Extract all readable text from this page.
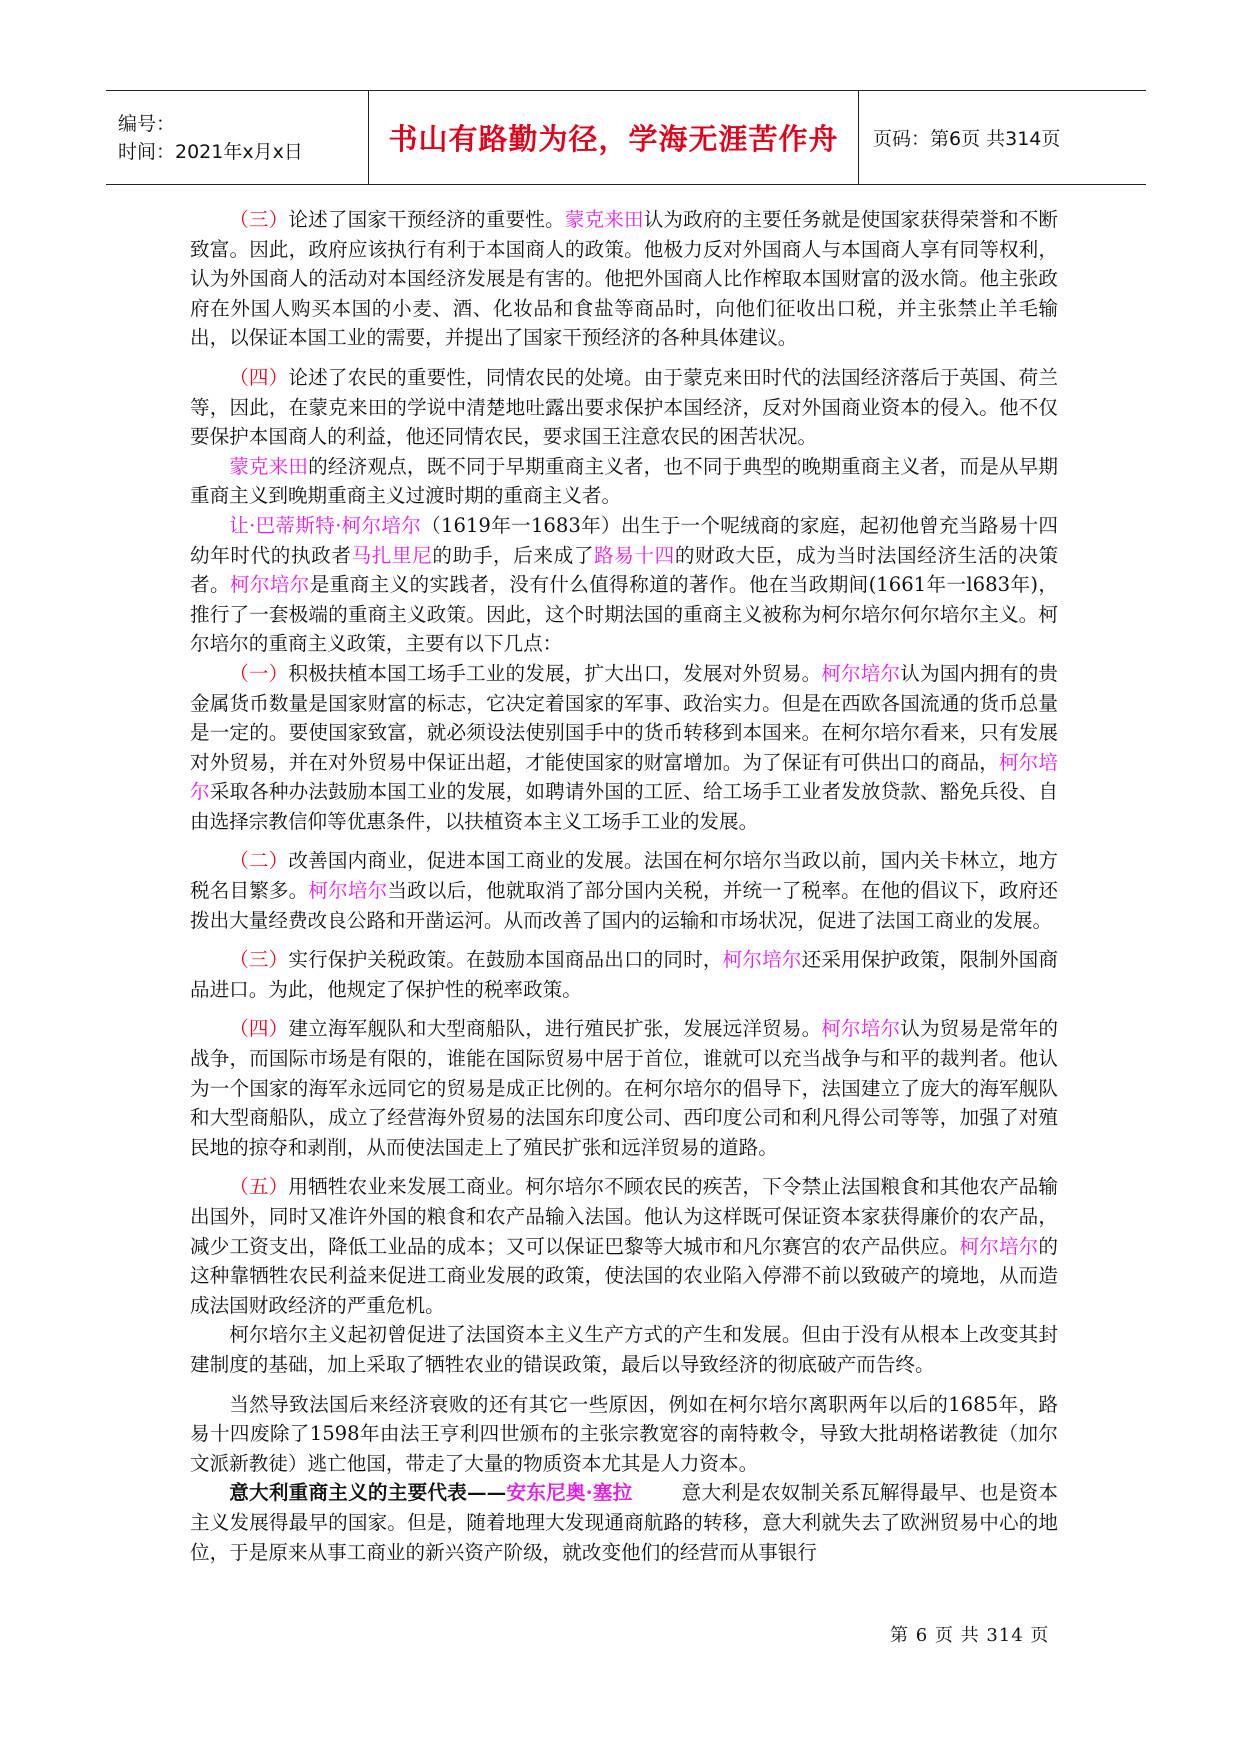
编号：
时间：2021年x月x日	书山有路勤为径，学海无涯苦作舟 页码：第6页 共314页

（三）论述了国家干预经济的重要性。蒙克来田认为政府的主要任务就是使国家获得荣誉和不断致富。因此，政府应该执行有利于本国商人的政策。他极力反对外国商人与本国商人享有同等权利，认为外国商人的活动对本国经济发展是有害的。他把外国商人比作榨取本国财富的汲水筒。他主张政府在外国人购买本国的小麦、酒、化妆品和食盐等商品时，向他们征收出口税，并主张禁止羊毛输出，以保证本国工业的需要，并提出了国家干预经济的各种具体建议。

（四）论述了农民的重要性，同情农民的处境。由于蒙克来田时代的法国经济落后于英国、荷兰等，因此，在蒙克来田的学说中清楚地吐露出要求保护本国经济，反对外国商业资本的侵入。他不仅要保护本国商人的利益，他还同情农民，要求国王注意农民的困苦状况。

蒙克来田的经济观点，既不同于早期重商主义者，也不同于典型的晚期重商主义者，而是从早期重商主义到晚期重商主义过渡时期的重商主义者。

让·巴蒂斯特·柯尔培尔（1619年一1683年）出生于一个呢绒商的家庭，起初他曾充当路易十四幼年时代的执政者马扎里尼的助手，后来成了路易十四的财政大臣，成为当时法国经济生活的决策者。柯尔培尔是重商主义的实践者，没有什么值得称道的著作。他在当政期间(1661年一l683年)，推行了一套极端的重商主义政策。因此，这个时期法国的重商主义被称为柯尔培尔何尔培尔主义。柯尔培尔的重商主义政策，主要有以下几点：

（一）积极扶植本国工场手工业的发展，扩大出口，发展对外贸易。柯尔培尔认为国内拥有的贵金属货币数量是国家财富的标志，它决定着国家的军事、政治实力。但是在西欧各国流通的货币总量是一定的。要使国家致富，就必须设法使别国手中的货币转移到本国来。在柯尔培尔看来，只有发展对外贸易，并在对外贸易中保证出超，才能使国家的财富增加。为了保证有可供出口的商品，柯尔培尔采取各种办法鼓励本国工业的发展，如聘请外国的工匠、给工场手工业者发放贷款、豁免兵役、自由选择宗教信仰等优惠条件，以扶植资本主义工场手工业的发展。

（二）改善国内商业，促进本国工商业的发展。法国在柯尔培尔当政以前，国内关卡林立，地方税名目繁多。柯尔培尔当政以后，他就取消了部分国内关税，并统一了税率。在他的倡议下，政府还拨出大量经费改良公路和开凿运河。从而改善了国内的运输和市场状况，促进了法国工商业的发展。

（三）实行保护关税政策。在鼓励本国商品出口的同时，柯尔培尔还采用保护政策，限制外国商品进口。为此，他规定了保护性的税率政策。

（四）建立海军舰队和大型商船队，进行殖民扩张，发展远洋贸易。柯尔培尔认为贸易是常年的战争，而国际市场是有限的，谁能在国际贸易中居于首位，谁就可以充当战争与和平的裁判者。他认为一个国家的海军永远同它的贸易是成正比例的。在柯尔培尔的倡导下，法国建立了庞大的海军舰队和大型商船队，成立了经营海外贸易的法国东印度公司、西印度公司和利凡得公司等等，加强了对殖民地的掠夺和剥削，从而使法国走上了殖民扩张和远洋贸易的道路。

（五）用牺牲农业来发展工商业。柯尔培尔不顾农民的疾苦，下令禁止法国粮食和其他农产品输出国外，同时又准许外国的粮食和农产品输入法国。他认为这样既可保证资本家获得廉价的农产品，减少工资支出，降低工业品的成本；又可以保证巴黎等大城市和凡尔赛宫的农产品供应。柯尔培尔的这种靠牺牲农民利益来促进工商业发展的政策，使法国的农业陷入停滞不前以致破产的境地，从而造成法国财政经济的严重危机。

柯尔培尔主义起初曾促进了法国资本主义生产方式的产生和发展。但由于没有从根本上改变其封建制度的基础，加上采取了牺牲农业的错误政策，最后以导致经济的彻底破产而告终。

当然导致法国后来经济衰败的还有其它一些原因，例如在柯尔培尔离职两年以后的1685年，路易十四废除了1598年由法王亨利四世颁布的主张宗教宽容的南特敕令，导致大批胡格诺教徒（加尔文派新教徒）逃亡他国，带走了大量的物质资本尤其是人力资本。

意大利重商主义的主要代表——安东尼奥·塞拉	意大利是农奴制关系瓦解得最早、也是资本主义发展得最早的国家。但是，随着地理大发现通商航路的转移，意大利就失去了欧洲贸易中心的地位，于是原来从事工商业的新兴资产阶级，就改变他们的经营而从事银行

第 6 页 共 314 页
